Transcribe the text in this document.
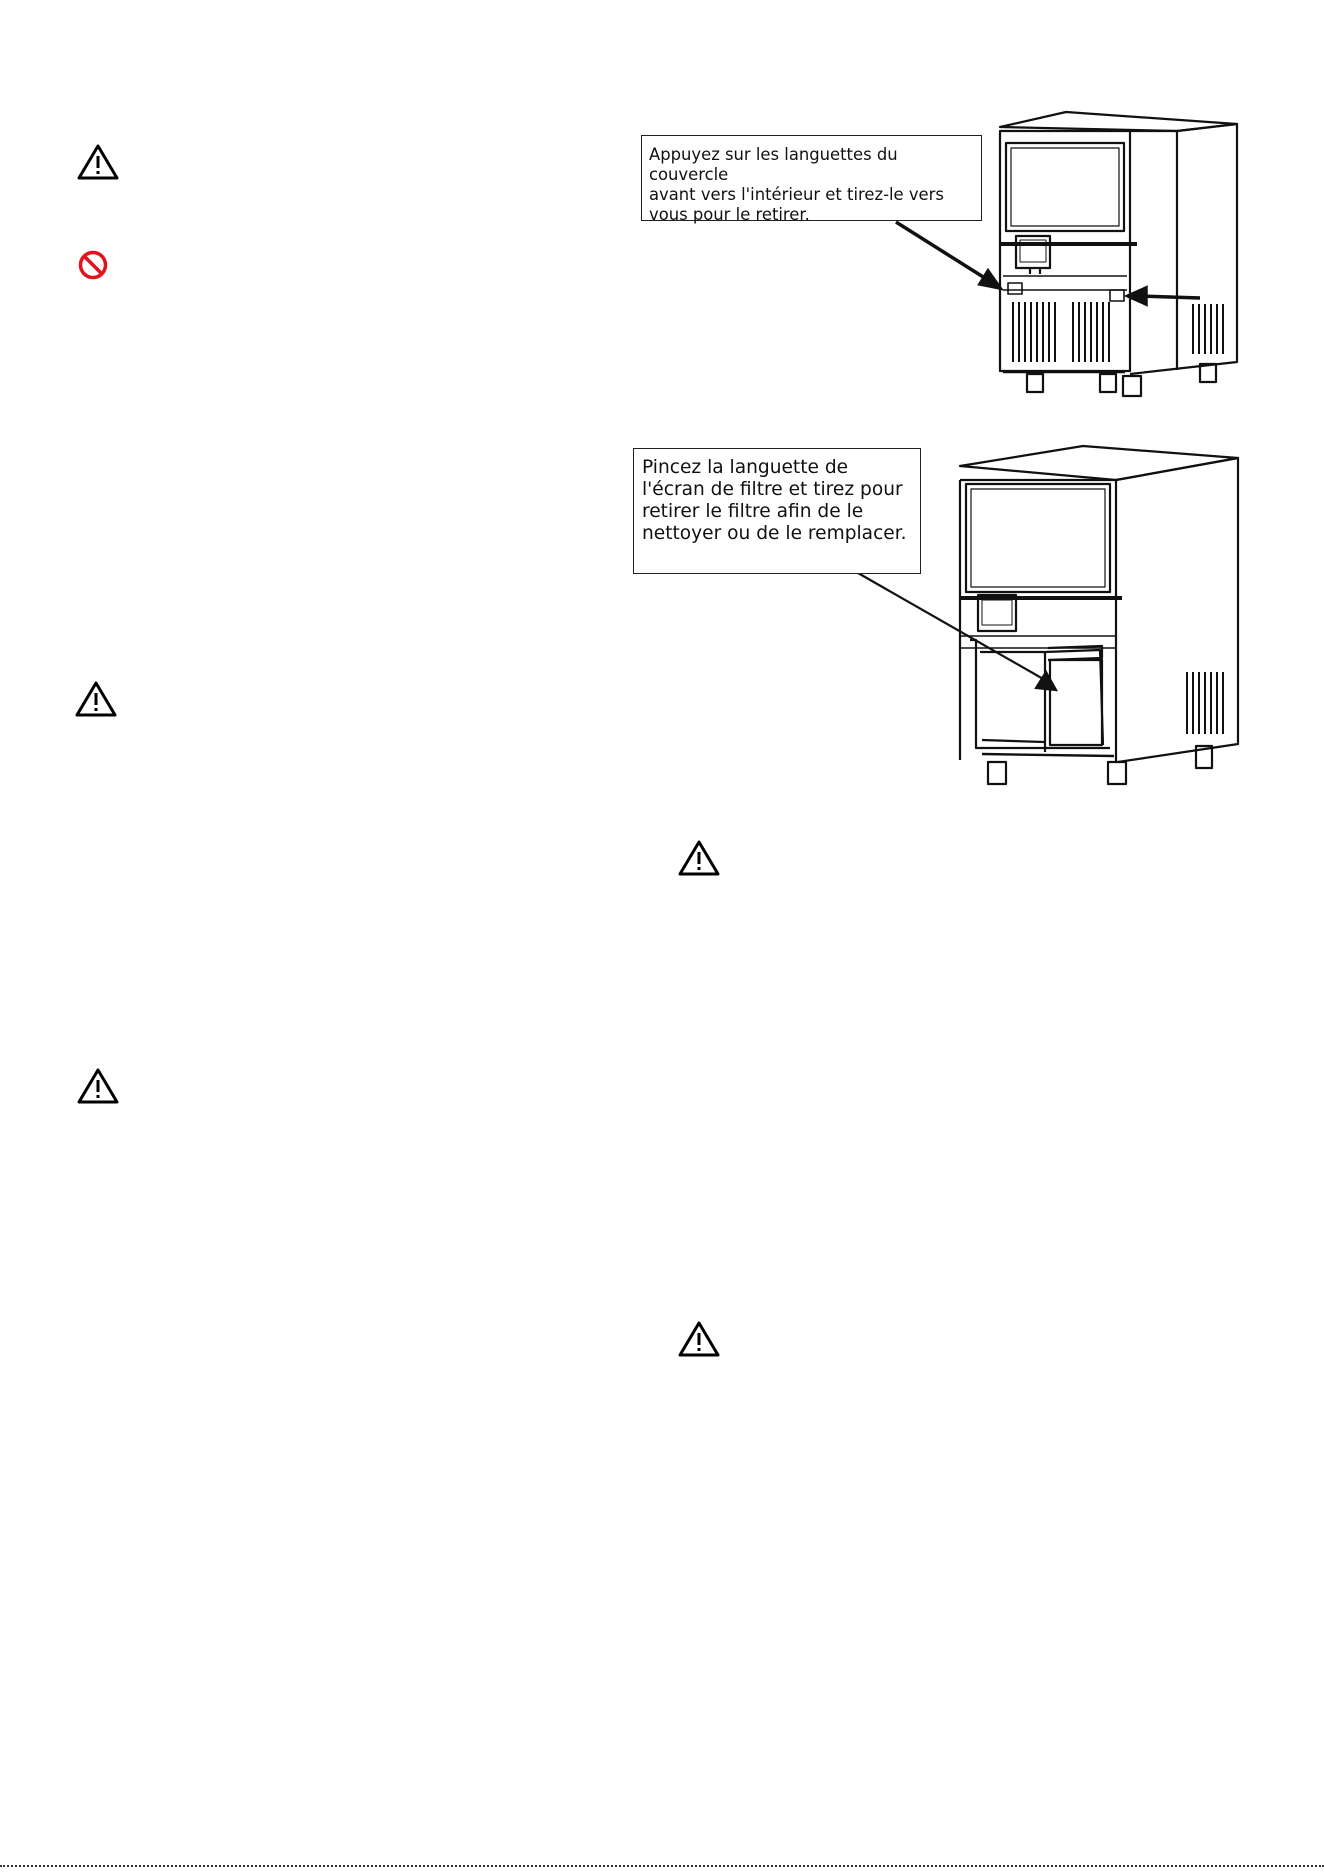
Appuyez sur les languettes du couvercle
avant vers l'intérieur et tirez-le vers
vous pour le retirer.
Pincez la languette de
l'écran de filtre et tirez pour
retirer le filtre afin de le
nettoyer ou de le remplacer.
